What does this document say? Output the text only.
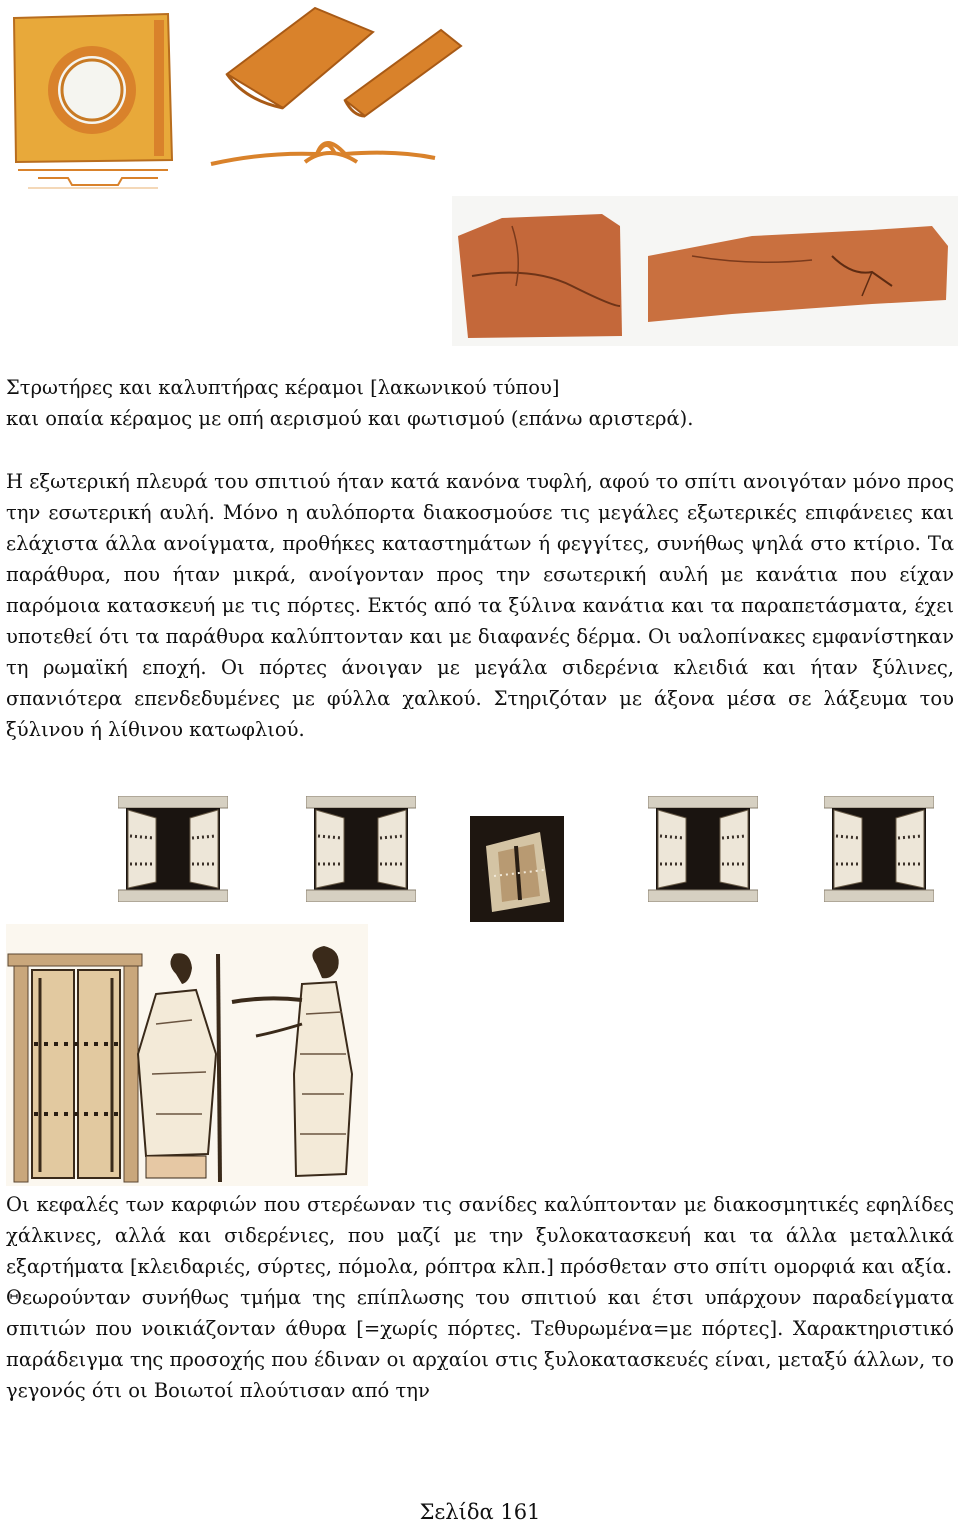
Στρωτήρες και καλυπτήρας κέραμοι [λακωνικού τύπου]
και οπαία κέραμος με οπή αερισμού και φωτισμού (επάνω αριστερά).

Η εξωτερική πλευρά του σπιτιού ήταν κατά κανόνα τυφλή, αφού το σπίτι ανοιγόταν μόνο προς την εσωτερική αυλή. Μόνο η αυλόπορτα διακοσμούσε τις μεγάλες εξωτερικές επιφάνειες και ελάχιστα άλλα ανοίγματα, προθήκες καταστημάτων ή φεγγίτες, συνήθως ψηλά στο κτίριο. Τα παράθυρα, που ήταν μικρά, ανοίγονταν προς την εσωτερική αυλή με κανάτια που είχαν παρόμοια κατασκευή με τις πόρτες. Εκτός από τα ξύλινα κανάτια και τα παραπετάσματα, έχει υποτεθεί ότι τα παράθυρα καλύπτονταν και με διαφανές δέρμα. Οι υαλοπίνακες εμφανίστηκαν τη ρωμαϊκή εποχή. Οι πόρτες άνοιγαν με μεγάλα σιδερένια κλειδιά και ήταν ξύλινες, σπανιότερα επενδεδυμένες με φύλλα χαλκού. Στηριζόταν με άξονα μέσα σε λάξευμα του ξύλινου ή λίθινου κατωφλιού.

Οι κεφαλές των καρφιών που στερέωναν τις σανίδες καλύπτονταν με διακοσμητικές εφηλίδες χάλκινες, αλλά και σιδερένιες, που μαζί με την ξυλοκατασκευή και τα άλλα μεταλλικά εξαρτήματα [κλειδαριές, σύρτες, πόμολα, ρόπτρα κλπ.] πρόσθεταν στο σπίτι ομορφιά και αξία.

Θεωρούνταν συνήθως τμήμα της επίπλωσης του σπιτιού και έτσι υπάρχουν παραδείγματα σπιτιών που νοικιάζονταν άθυρα [=χωρίς πόρτες. Τεθυρωμένα=με πόρτες]. Χαρακτηριστικό παράδειγμα της προσοχής που έδιναν οι αρχαίοι στις ξυλοκατασκευές είναι, μεταξύ άλλων, το γεγονός ότι οι Βοιωτοί πλούτισαν από την

Σελίδα 161
